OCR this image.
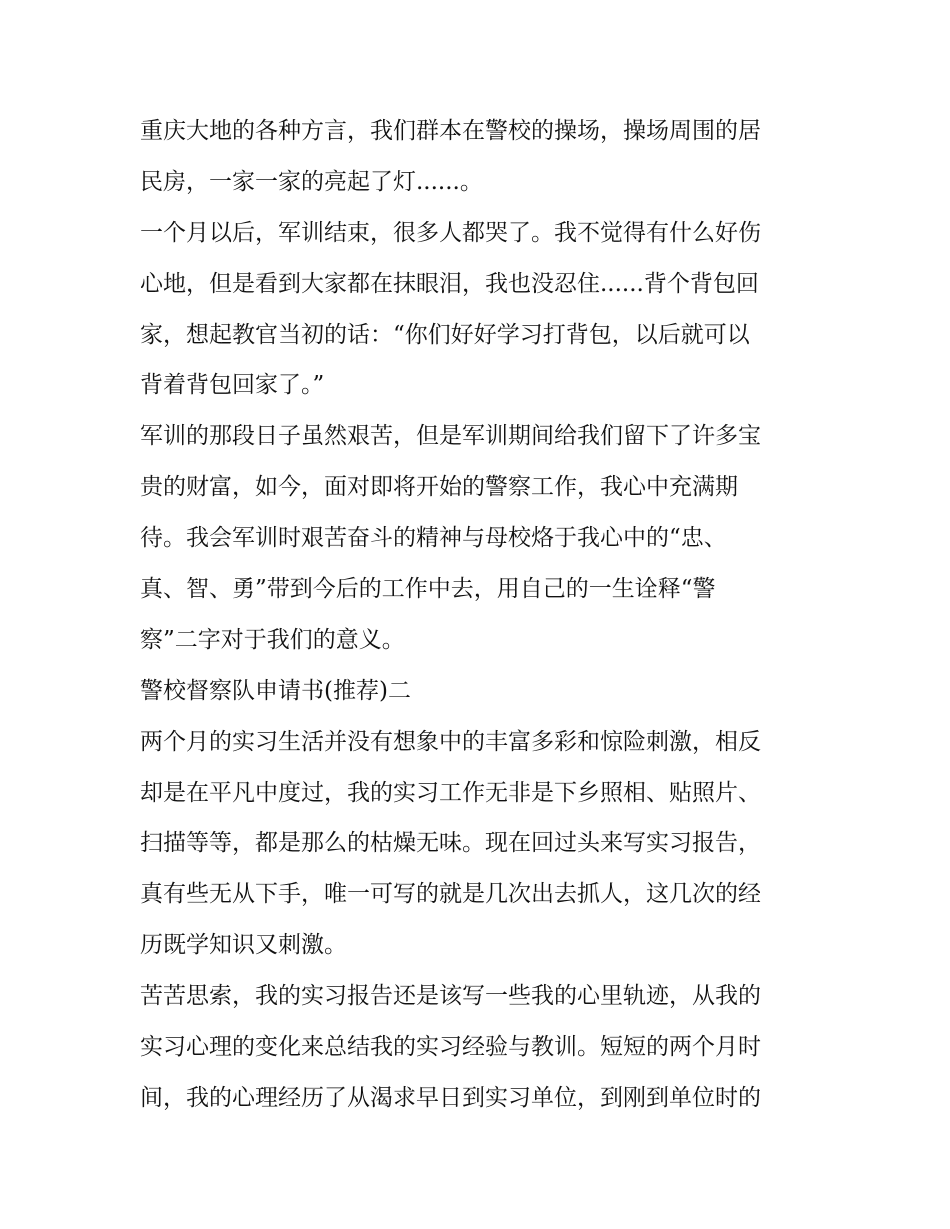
重庆大地的各种方言，我们群本在警校的操场，操场周围的居
民房，一家一家的亮起了灯......。
一个月以后，军训结束，很多人都哭了。我不觉得有什么好伤
心地，但是看到大家都在抹眼泪，我也没忍住......背个背包回
家，想起教官当初的话：“你们好好学习打背包，以后就可以
背着背包回家了。”
军训的那段日子虽然艰苦，但是军训期间给我们留下了许多宝
贵的财富，如今，面对即将开始的警察工作，我心中充满期
待。我会军训时艰苦奋斗的精神与母校烙于我心中的“忠、
真、智、勇”带到今后的工作中去，用自己的一生诠释“警
察”二字对于我们的意义。
警校督察队申请书(推荐)二
两个月的实习生活并没有想象中的丰富多彩和惊险刺激，相反
却是在平凡中度过，我的实习工作无非是下乡照相、贴照片、
扫描等等，都是那么的枯燥无味。现在回过头来写实习报告，
真有些无从下手，唯一可写的就是几次出去抓人，这几次的经
历既学知识又刺激。
苦苦思索，我的实习报告还是该写一些我的心里轨迹，从我的
实习心理的变化来总结我的实习经验与教训。短短的两个月时
间，我的心理经历了从渴求早日到实习单位，到刚到单位时的
